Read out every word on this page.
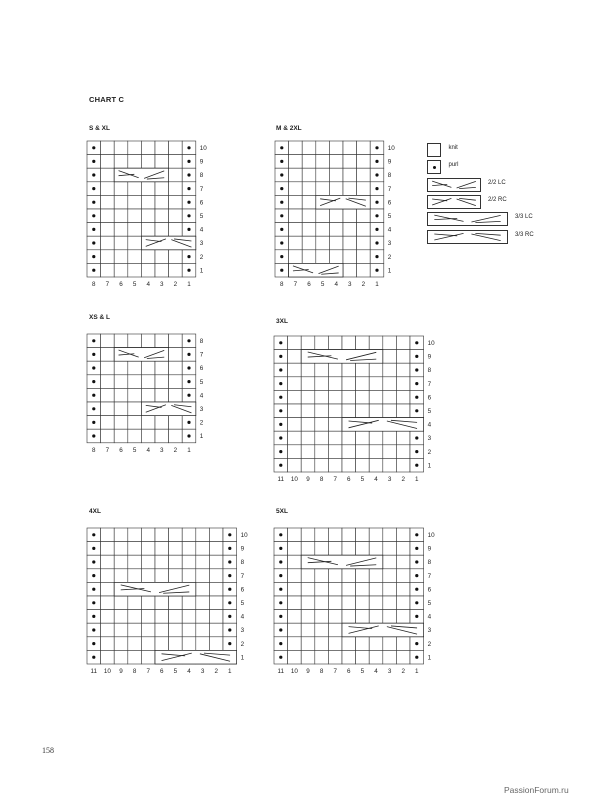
CHART C
S & XL
1
2
3
4
5
6
7
8
9
10
1
2
3
4
5
6
7
8
M & 2XL
1
2
3
4
5
6
7
8
9
10
1
2
3
4
5
6
7
8
XS & L
1
2
3
4
5
6
7
8
1
2
3
4
5
6
7
8
3XL
1
2
3
4
5
6
7
8
9
10
1
2
3
4
5
6
7
8
9
10
11
4XL
1
2
3
4
5
6
7
8
9
10
1
2
3
4
5
6
7
8
9
10
11
5XL
1
2
3
4
5
6
7
8
9
10
1
2
3
4
5
6
7
8
9
10
11
knit
purl
2/2 LC
2/2 RC
3/3 LC
3/3 RC
158
PassionForum.ru
